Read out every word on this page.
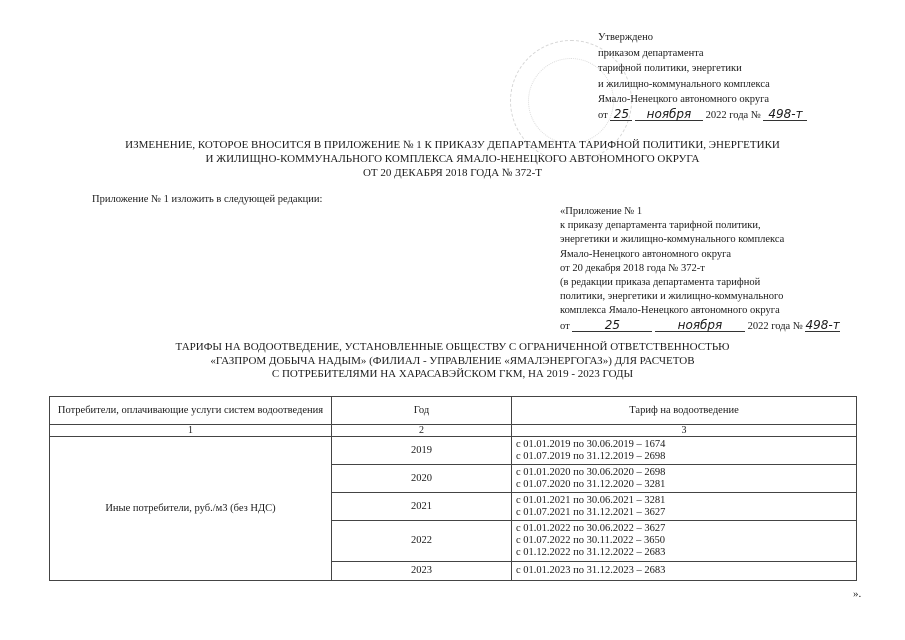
Утверждено
приказом департамента
тарифной политики, энергетики
и жилищно-коммунального комплекса
Ямало-Ненецкого автономного округа
от 25 ноября 2022 года № 498-т
ИЗМЕНЕНИЕ, КОТОРОЕ ВНОСИТСЯ В ПРИЛОЖЕНИЕ № 1 К ПРИКАЗУ ДЕПАРТАМЕНТА ТАРИФНОЙ ПОЛИТИКИ, ЭНЕРГЕТИКИ
И ЖИЛИЩНО-КОММУНАЛЬНОГО КОМПЛЕКСА ЯМАЛО-НЕНЕЦКОГО АВТОНОМНОГО ОКРУГА
ОТ 20 ДЕКАБРЯ 2018 ГОДА № 372-Т
Приложение № 1 изложить в следующей редакции:
«Приложение № 1
к приказу департамента тарифной политики,
энергетики и жилищно-коммунального комплекса
Ямало-Ненецкого автономного округа
от 20 декабря 2018 года № 372-т
(в редакции приказа департамента тарифной
политики, энергетики и жилищно-коммунального
комплекса Ямало-Ненецкого автономного округа
от	25	ноября 2022 года № 498-т
ТАРИФЫ НА ВОДООТВЕДЕНИЕ, УСТАНОВЛЕННЫЕ ОБЩЕСТВУ С ОГРАНИЧЕННОЙ ОТВЕТСТВЕННОСТЬЮ
«ГАЗПРОМ ДОБЫЧА НАДЫМ» (ФИЛИАЛ - УПРАВЛЕНИЕ «ЯМАЛЭНЕРГОГАЗ») ДЛЯ РАСЧЕТОВ
С ПОТРЕБИТЕЛЯМИ НА ХАРАСАВЭЙСКОМ ГКМ, НА 2019 - 2023 ГОДЫ
Потребители, оплачивающие услуги систем водоотведения	Год	Тариф на водоотведение
1	2	3
Иные потребители, руб./м3 (без НДС)	2019	с 01.01.2019 по 30.06.2019 – 1674
с 01.07.2019 по 31.12.2019 – 2698

	2020	с 01.01.2020 по 30.06.2020 – 2698
с 01.07.2020 по 31.12.2020 – 3281

	2021	с 01.01.2021 по 30.06.2021 – 3281
с 01.07.2021 по 31.12.2021 – 3627

	2022	с 01.01.2022 по 30.06.2022 – 3627
с 01.07.2022 по 30.11.2022 – 3650
с 01.12.2022 по 31.12.2022 – 2683

	2023	с 01.01.2023 по 31.12.2023 – 2683
».
